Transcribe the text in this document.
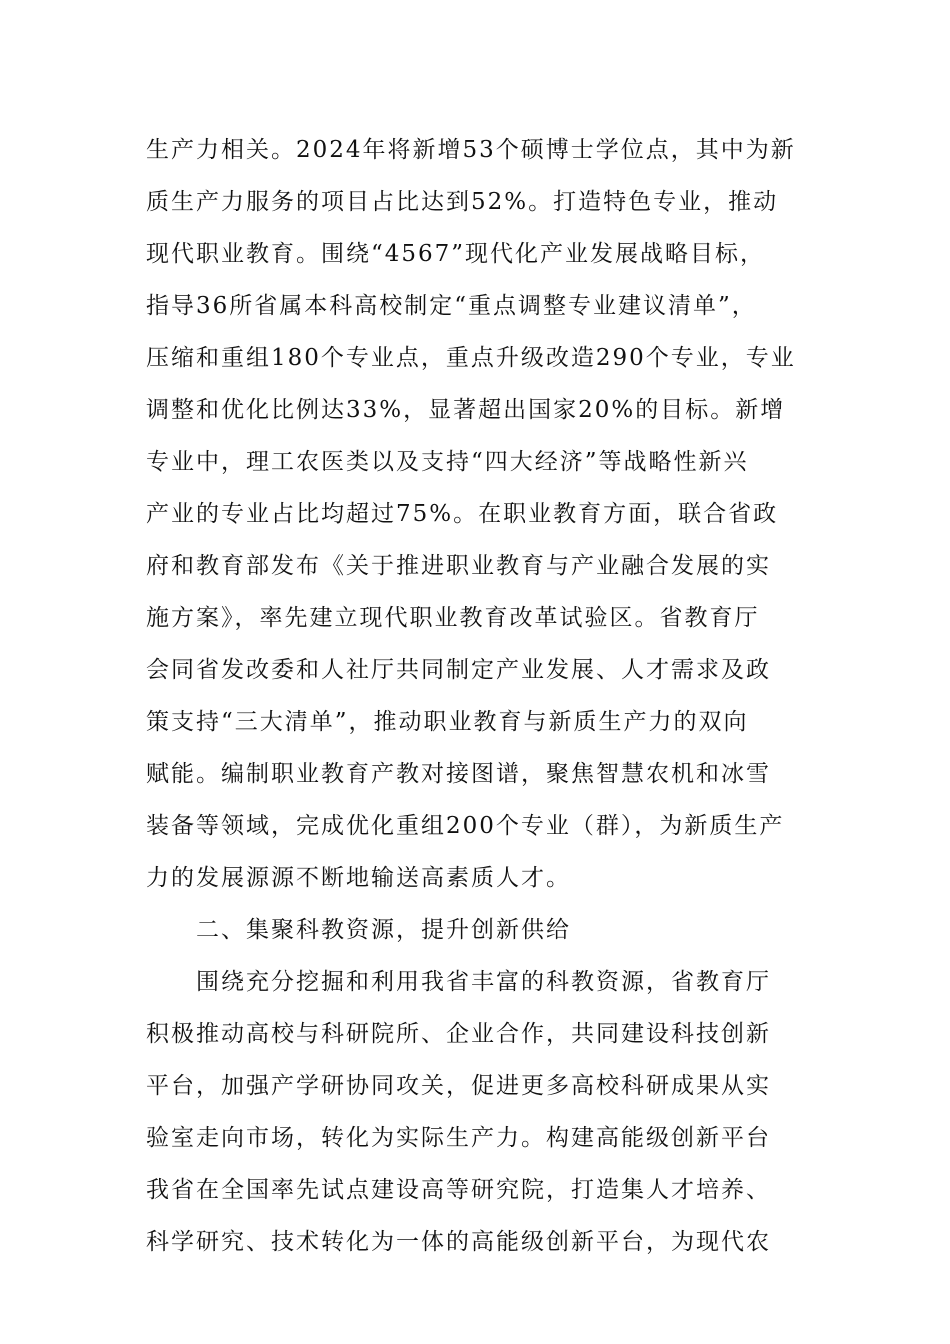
生产力相关。2024年将新增53个硕博士学位点，其中为新
质生产力服务的项目占比达到52%。打造特色专业，推动
现代职业教育。围绕“4567”现代化产业发展战略目标，
指导36所省属本科高校制定“重点调整专业建议清单”，
压缩和重组180个专业点，重点升级改造290个专业，专业
调整和优化比例达33%，显著超出国家20%的目标。新增
专业中，理工农医类以及支持“四大经济”等战略性新兴
产业的专业占比均超过75%。在职业教育方面，联合省政
府和教育部发布《关于推进职业教育与产业融合发展的实
施方案》，率先建立现代职业教育改革试验区。省教育厅
会同省发改委和人社厅共同制定产业发展、人才需求及政
策支持“三大清单”，推动职业教育与新质生产力的双向
赋能。编制职业教育产教对接图谱，聚焦智慧农机和冰雪
装备等领域，完成优化重组200个专业（群），为新质生产
力的发展源源不断地输送高素质人才。
二、集聚科教资源，提升创新供给
围绕充分挖掘和利用我省丰富的科教资源，省教育厅
积极推动高校与科研院所、企业合作，共同建设科技创新
平台，加强产学研协同攻关，促进更多高校科研成果从实
验室走向市场，转化为实际生产力。构建高能级创新平台
我省在全国率先试点建设高等研究院，打造集人才培养、
科学研究、技术转化为一体的高能级创新平台，为现代农
